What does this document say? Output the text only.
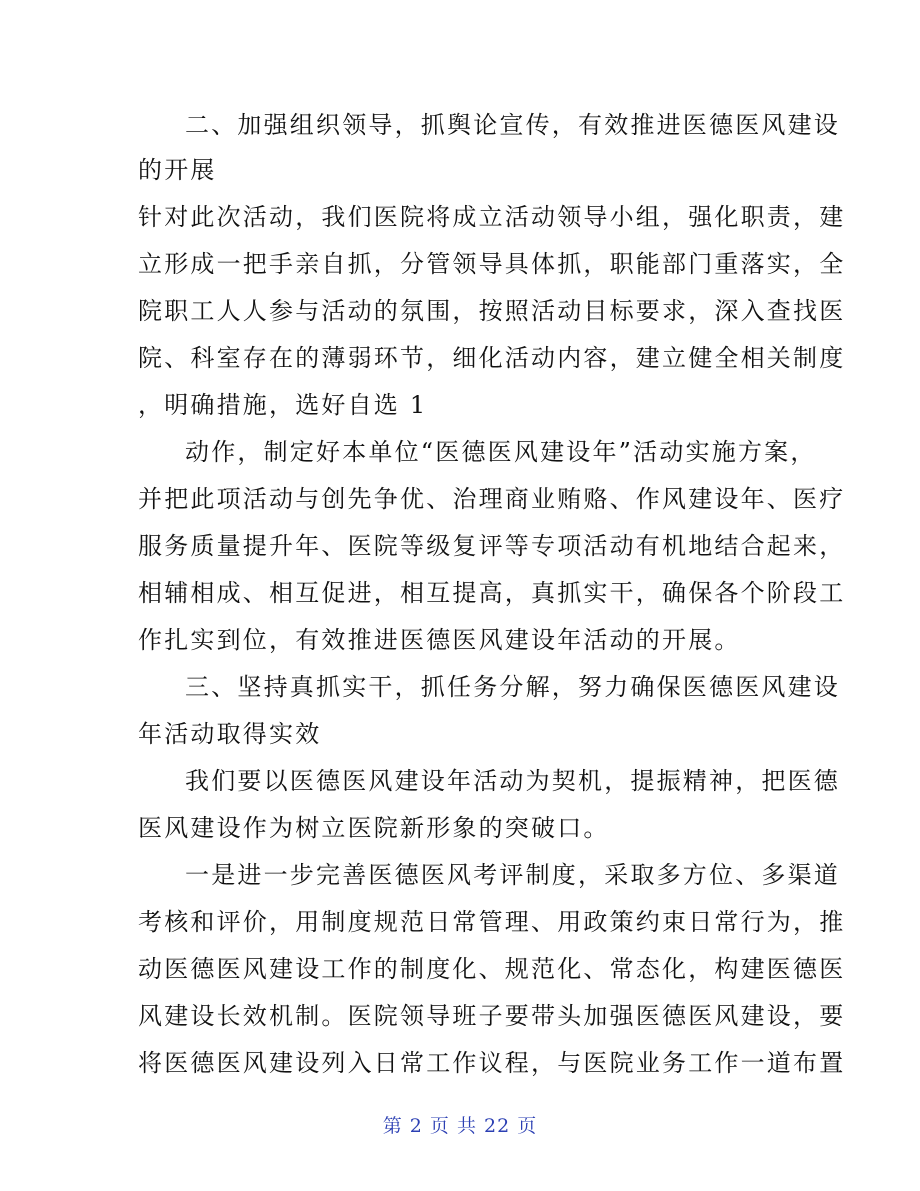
二、加强组织领导，抓舆论宣传，有效推进医德医风建设
的开展
针对此次活动，我们医院将成立活动领导小组，强化职责，建
立形成一把手亲自抓，分管领导具体抓，职能部门重落实，全
院职工人人参与活动的氛围，按照活动目标要求，深入查找医
院、科室存在的薄弱环节，细化活动内容，建立健全相关制度
，明确措施，选好自选 1
动作，制定好本单位“医德医风建设年”活动实施方案，
并把此项活动与创先争优、治理商业贿赂、作风建设年、医疗
服务质量提升年、医院等级复评等专项活动有机地结合起来，
相辅相成、相互促进，相互提高，真抓实干，确保各个阶段工
作扎实到位，有效推进医德医风建设年活动的开展。
三、坚持真抓实干，抓任务分解，努力确保医德医风建设
年活动取得实效
我们要以医德医风建设年活动为契机，提振精神，把医德
医风建设作为树立医院新形象的突破口。
一是进一步完善医德医风考评制度，采取多方位、多渠道
考核和评价，用制度规范日常管理、用政策约束日常行为，推
动医德医风建设工作的制度化、规范化、常态化，构建医德医
风建设长效机制。医院领导班子要带头加强医德医风建设，要
将医德医风建设列入日常工作议程，与医院业务工作一道布置
第 2 页 共 22 页
